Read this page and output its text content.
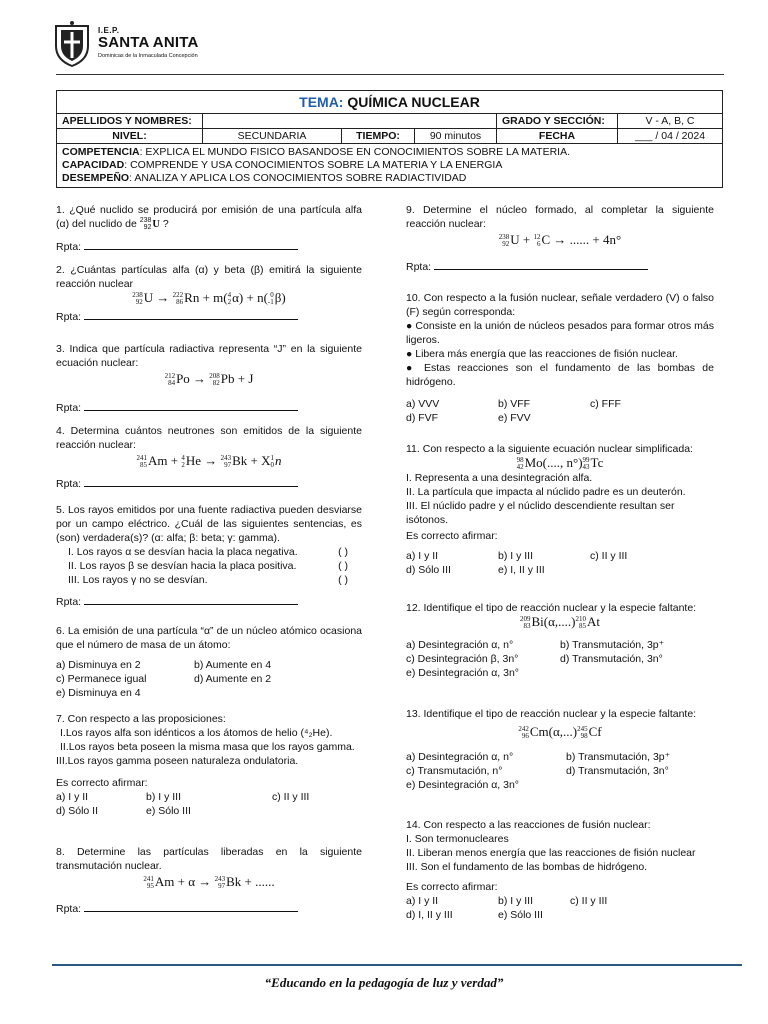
I.E.P.
SANTA ANITA
Dominicas de la Inmaculada Concepción
TEMA: QUÍMICA NUCLEAR					
APELLIDOS Y NOMBRES:				GRADO Y SECCIÓN:	V - A, B, C
NIVEL:	SECUNDARIA	TIEMPO:	90 minutos	FECHA	___ / 04 / 2024

COMPETENCIA: EXPLICA EL MUNDO FISICO BASANDOSE EN CONOCIMIENTOS SOBRE LA MATERIA.
CAPACIDAD: COMPRENDE Y USA CONOCIMIENTOS SOBRE LA MATERIA Y LA ENERGIA
DESEMPEÑO: ANALIZA Y APLICA LOS CONOCIMIENTOS SOBRE RADIACTIVIDAD					
1. ¿Qué nuclido se producirá por emisión de una partícula alfa (α) del nuclido de 238
92U ?
Rpta:
2. ¿Cuántas partículas alfa (α) y beta (β) emitirá la siguiente reacción nuclear
238
92U → 222
86Rn + m(4
2α) + n( 0
-1β)
Rpta:
3. Indica que partícula radiactiva representa “J” en la siguiente ecuación nuclear:
212
84Po → 208
82Pb + J
Rpta:
4. Determina cuántos neutrones son emitidos de la siguiente reacción nuclear:
241
85Am + 4
2He → 243
97Bk + X1
0n
Rpta:
5. Los rayos emitidos por una fuente radiactiva pueden desviarse por un campo eléctrico. ¿Cuál de las siguientes sentencias, es (son) verdadera(s)? (α: alfa; β: beta; γ: gamma).
I. Los rayos α se desvían hacia la placa negativa.	( )
II. Los rayos β se desvían hacia la placa positiva.	( )
III. Los rayos γ no se desvían.	( )
Rpta:
6. La emisión de una partícula “α” de un núcleo atómico ocasiona que el número de masa de un átomo:
a) Disminuya en 2	b) Aumente en 4
c) Permanece igual	d) Aumente en 2
e) Disminuya en 4
7. Con respecto a las proposiciones:
I.Los rayos alfa son idénticos a los átomos de helio (⁴₂He).
II.Los rayos beta poseen la misma masa que los rayos gamma.
III.Los rayos gamma poseen naturaleza ondulatoria.
Es correcto afirmar:
a) I y II	b) I y III	c) II y III
d) Sólo II	e) Sólo III
8. Determine las partículas liberadas en la siguiente transmutación nuclear.
241
95Am + α → 243
97Bk + ......
Rpta:
9. Determine el núcleo formado, al completar la siguiente reacción nuclear:
238
92U + 12
6C → ...... + 4n°
Rpta:
10. Con respecto a la fusión nuclear, señale verdadero (V) o falso (F) según corresponda:
● Consiste en la unión de núcleos pesados para formar otros más ligeros.
● Libera más energía que las reacciones de fisión nuclear.
● Estas reacciones son el fundamento de las bombas de hidrógeno.
a) VVV	b) VFF	c) FFF
d) FVF	e) FVV
11. Con respecto a la siguiente ecuación nuclear simplificada:
98
42Mo(...., n°)99
43Tc
I. Representa a una desintegración alfa.
II. La partícula que impacta al núclido padre es un deuterón.
III. El núclido padre y el núclido descendiente resultan ser isótonos.
Es correcto afirmar:
a) I y II	b) I y III	c) II y III
d) Sólo III	e) I, II y III
12. Identifique el tipo de reacción nuclear y la especie faltante:
209
83Bi(α,....)210
85At
a) Desintegración α, n°	b) Transmutación, 3p⁺
c) Desintegración β, 3n°	d) Transmutación, 3n°
e) Desintegración α, 3n°
13. Identifique el tipo de reacción nuclear y la especie faltante:
242
96Cm(α,...)245
98Cf
a) Desintegración α, n°	b) Transmutación, 3p⁺
c) Transmutación, n°	d) Transmutación, 3n°
e) Desintegración α, 3n°
14. Con respecto a las reacciones de fusión nuclear:
I. Son termonucleares
II. Liberan menos energía que las reacciones de fisión nuclear
III. Son el fundamento de las bombas de hidrógeno.
Es correcto afirmar:
a) I y II	b) I y III	c) II y III
d) I, II y III	e) Sólo III
“Educando en la pedagogía de luz y verdad”
